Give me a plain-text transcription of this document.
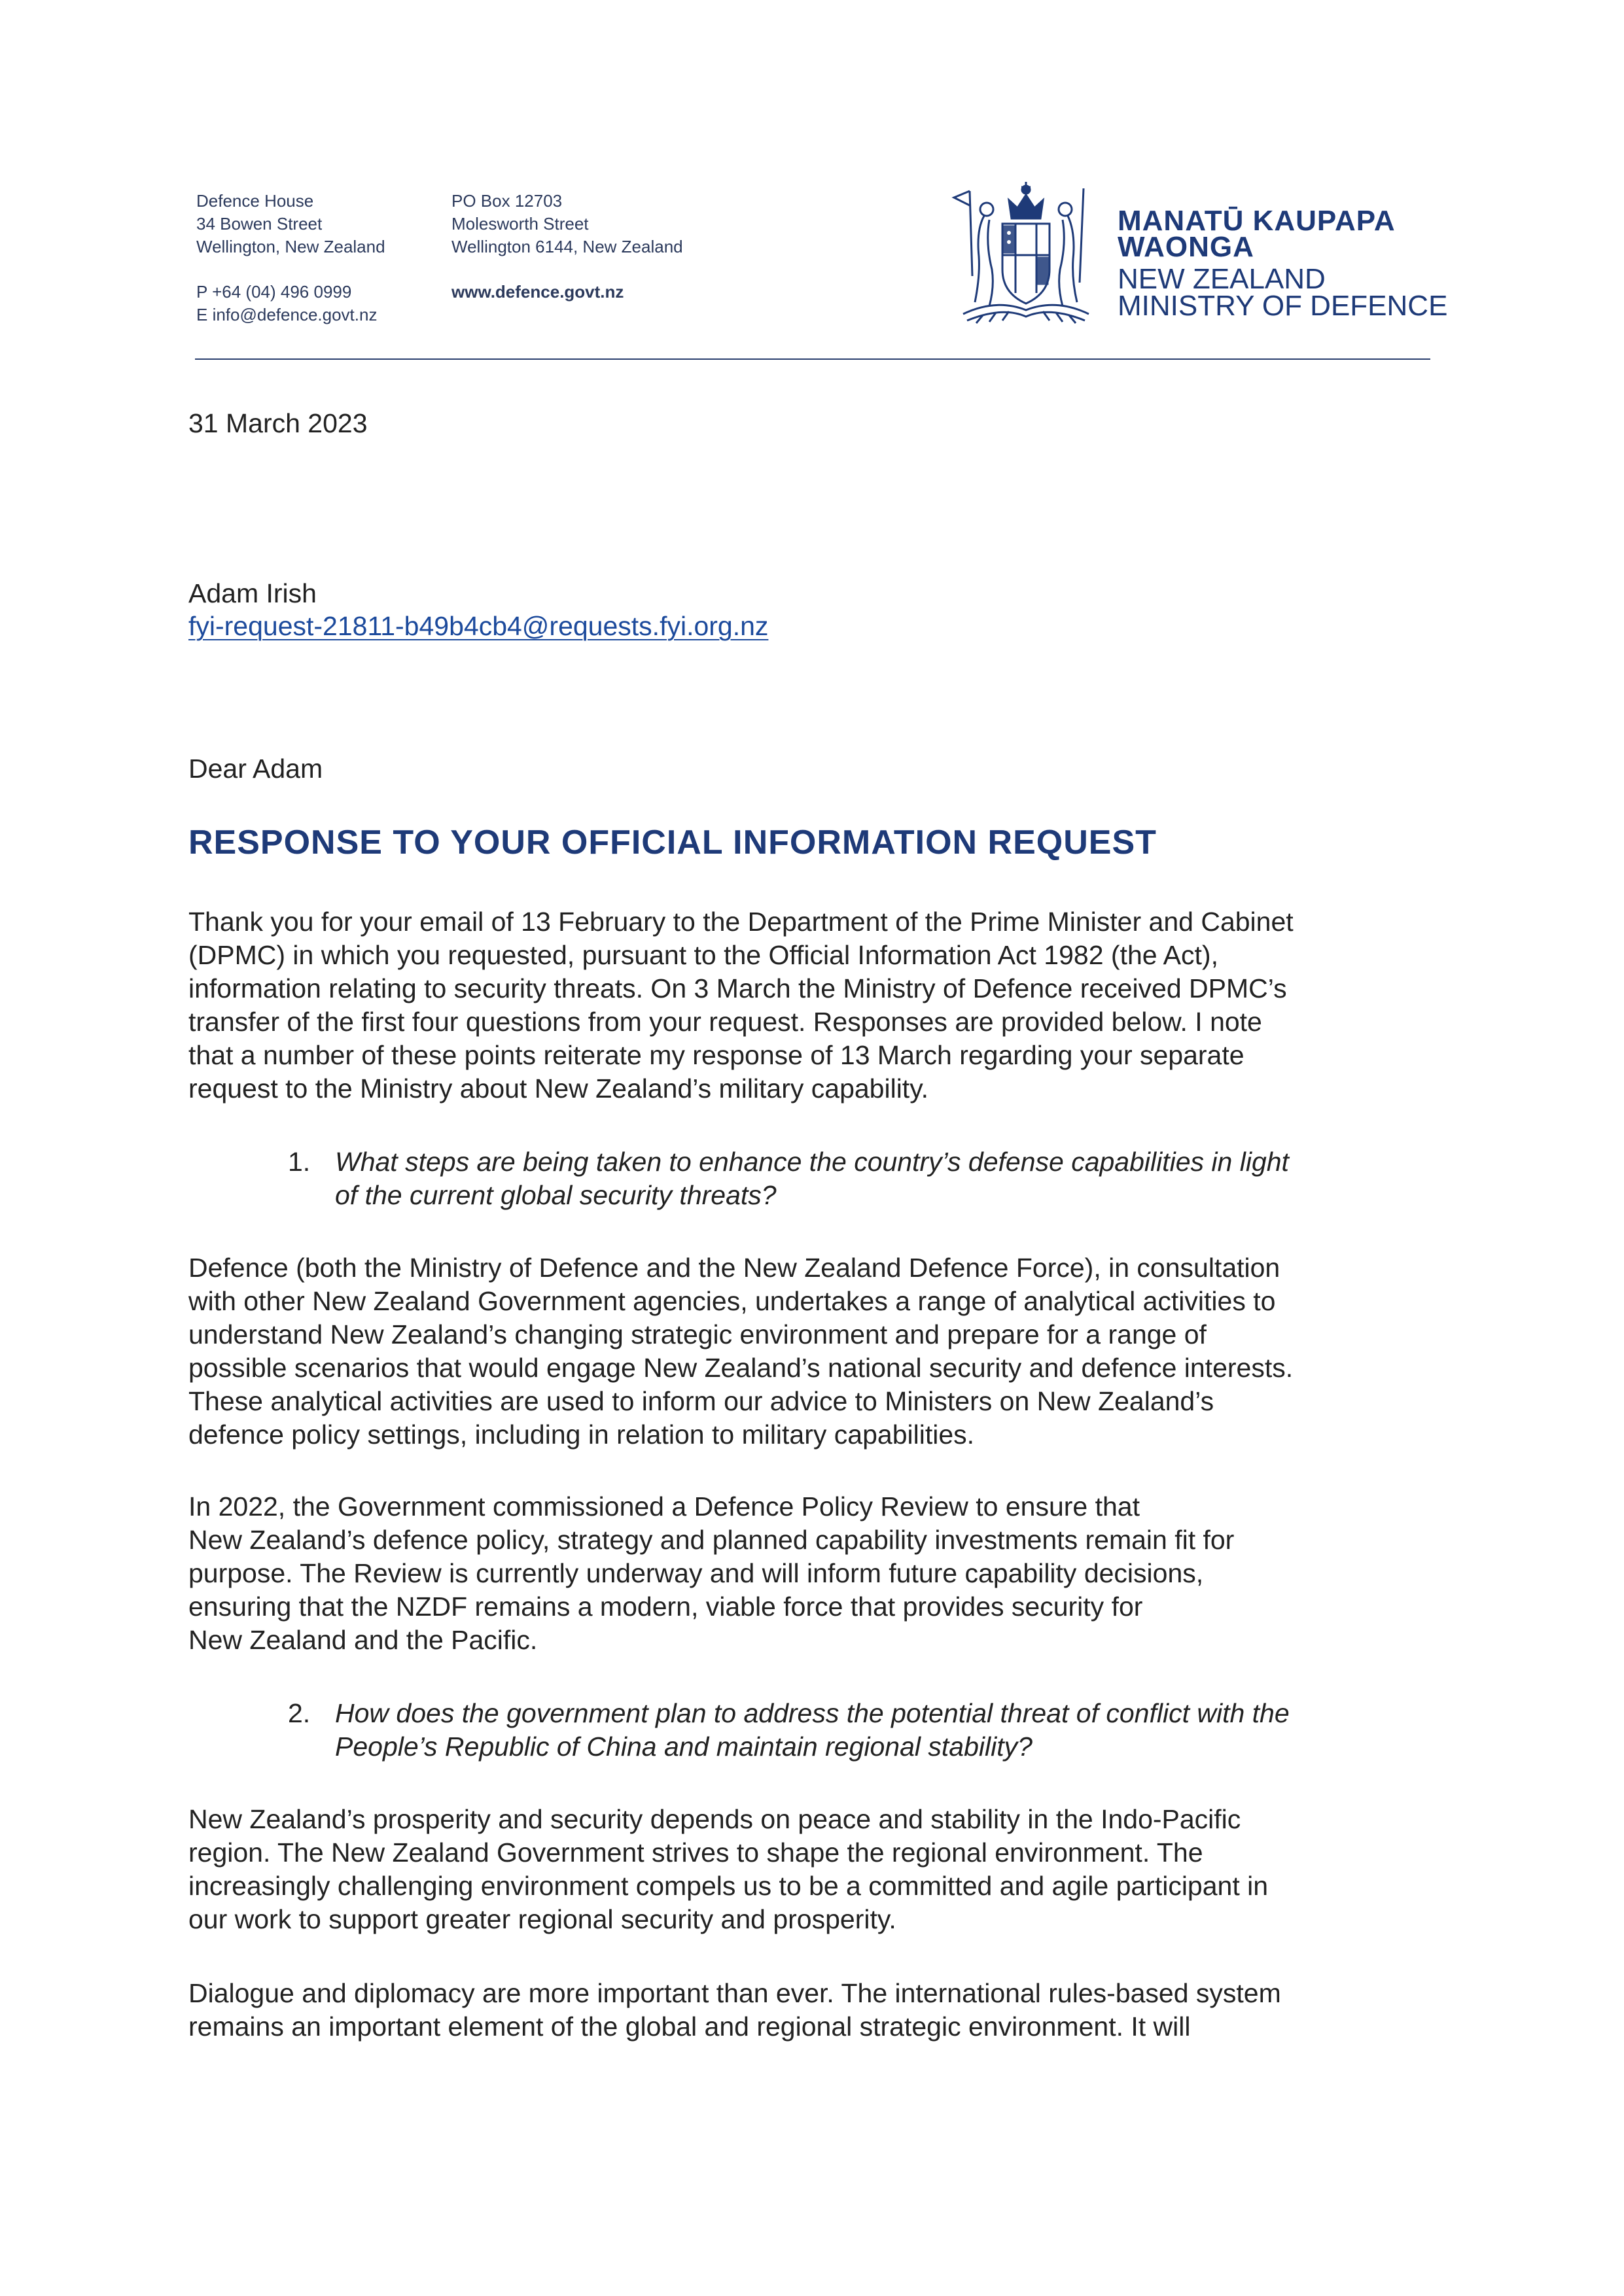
Defence House
34 Bowen Street
Wellington, New Zealand
P +64 (04) 496 0999
E info@defence.govt.nz
PO Box 12703
Molesworth Street
Wellington 6144, New Zealand
www.defence.govt.nz
MANATŪ KAUPAPA
WAONGA
NEW ZEALAND
MINISTRY OF DEFENCE
31 March 2023
Adam Irish
fyi-request-21811-b49b4cb4@requests.fyi.org.nz
Dear Adam
RESPONSE TO YOUR OFFICIAL INFORMATION REQUEST
Thank you for your email of 13 February to the Department of the Prime Minister and Cabinet
(DPMC) in which you requested, pursuant to the Official Information Act 1982 (the Act),
information relating to security threats. On 3 March the Ministry of Defence received DPMC’s
transfer of the first four questions from your request. Responses are provided below. I note
that a number of these points reiterate my response of 13 March regarding your separate
request to the Ministry about New Zealand’s military capability.
1. What steps are being taken to enhance the country’s defense capabilities in light
of the current global security threats?
Defence (both the Ministry of Defence and the New Zealand Defence Force), in consultation
with other New Zealand Government agencies, undertakes a range of analytical activities to
understand New Zealand’s changing strategic environment and prepare for a range of
possible scenarios that would engage New Zealand’s national security and defence interests.
These analytical activities are used to inform our advice to Ministers on New Zealand’s
defence policy settings, including in relation to military capabilities.
In 2022, the Government commissioned a Defence Policy Review to ensure that
New Zealand’s defence policy, strategy and planned capability investments remain fit for
purpose. The Review is currently underway and will inform future capability decisions,
ensuring that the NZDF remains a modern, viable force that provides security for
New Zealand and the Pacific.
2. How does the government plan to address the potential threat of conflict with the
People’s Republic of China and maintain regional stability?
New Zealand’s prosperity and security depends on peace and stability in the Indo-Pacific
region. The New Zealand Government strives to shape the regional environment. The
increasingly challenging environment compels us to be a committed and agile participant in
our work to support greater regional security and prosperity.
Dialogue and diplomacy are more important than ever. The international rules-based system
remains an important element of the global and regional strategic environment. It will
